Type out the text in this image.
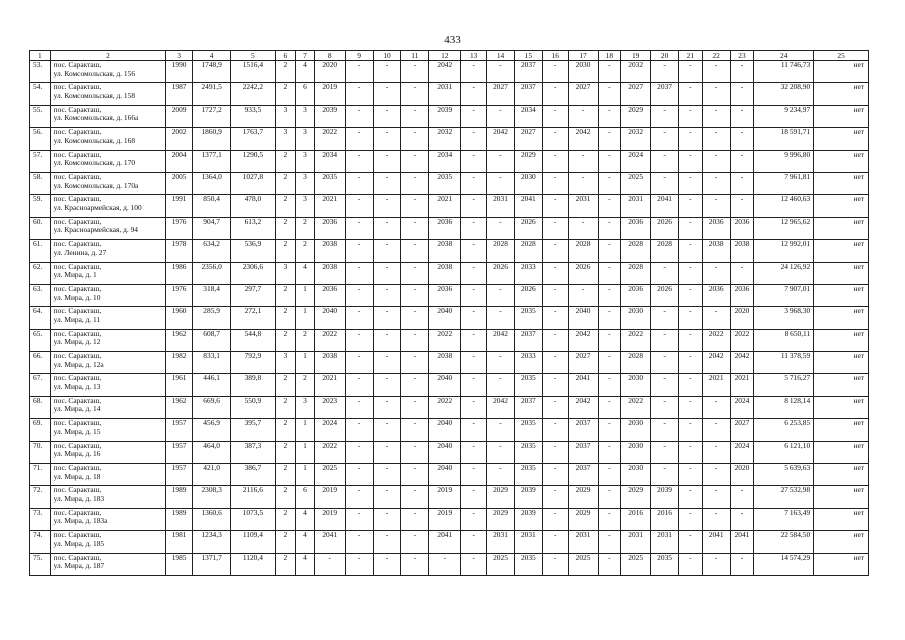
433
1	2	3	4	5	6	7	8	9	10	11	12	13	14	15	16	17	18	19	20	21	22	23	24	25
53.	пос. Саракташ,
ул. Комсомольская, д. 156	1990	1748,9	1516,4	2	4	2020	-	-	-	2042	-	-	2037	-	2030	-	2032	-	-	-	-	11 746,73	нет
54.	пос. Саракташ,
ул. Комсомольская, д. 158	1987	2491,5	2242,2	2	6	2019	-	-	-	2031	-	2027	2037	-	2027	-	2027	2037	-	-	-	32 208,90	нет
55.	пос. Саракташ,
ул. Комсомольская, д. 166а	2009	1727,2	933,5	3	3	2039	-	-	-	2039	-	-	2034	-	-	-	2029	-	-	-	-	9 234,97	нет
56.	пос. Саракташ,
ул. Комсомольская, д. 168	2002	1860,9	1763,7	3	3	2022	-	-	-	2032	-	2042	2027	-	2042	-	2032	-	-	-	-	18 591,71	нет
57.	пос. Саракташ,
ул. Комсомольская, д. 170	2004	1377,1	1290,5	2	3	2034	-	-	-	2034	-	-	2029	-	-	-	2024	-	-	-	-	9 996,80	нет
58.	пос. Саракташ,
ул. Комсомольская, д. 170а	2005	1364,0	1027,8	2	3	2035	-	-	-	2035	-	-	2030	-	-	-	2025	-	-	-	-	7 961,81	нет
59.	пос. Саракташ,
ул. Красноармейская, д. 100	1991	850,4	478,0	2	3	2021	-	-	-	2021	-	2031	2041	-	2031	-	2031	2041	-	-	-	12 460,63	нет
60.	пос. Саракташ,
ул. Красноармейская, д. 94	1976	904,7	613,2	2	2	2036	-	-	-	2036	-	-	2026	-	-	-	2036	2026	-	2036	2036	12 965,62	нет
61.	пос. Саракташ,
ул. Ленина, д. 27	1978	634,2	536,9	2	2	2038	-	-	-	2038	-	2028	2028	-	2028	-	2028	2028	-	2038	2038	12 992,01	нет
62.	пос. Саракташ,
ул. Мира, д. 1	1986	2356,0	2306,6	3	4	2038	-	-	-	2038	-	2026	2033	-	2026	-	2028	-	-	-	-	24 126,92	нет
63.	пос. Саракташ,
ул. Мира, д. 10	1976	318,4	297,7	2	1	2036	-	-	-	2036	-	-	2026	-	-	-	2036	2026	-	2036	2036	7 907,01	нет
64.	пос. Саракташ,
ул. Мира, д. 11	1960	285,9	272,1	2	1	2040	-	-	-	2040	-	-	2035	-	2040	-	2030	-	-	-	2020	3 968,30	нет
65.	пос. Саракташ,
ул. Мира, д. 12	1962	608,7	544,8	2	2	2022	-	-	-	2022	-	2042	2037	-	2042	-	2022	-	-	2022	2022	8 650,11	нет
66.	пос. Саракташ,
ул. Мира, д. 12а	1982	833,1	792,9	3	1	2038	-	-	-	2038	-	-	2033	-	2027	-	2028	-	-	2042	2042	11 378,59	нет
67.	пос. Саракташ,
ул. Мира, д. 13	1961	446,1	389,8	2	2	2021	-	-	-	2040	-	-	2035	-	2041	-	2030	-	-	2021	2021	5 716,27	нет
68.	пос. Саракташ,
ул. Мира, д. 14	1962	669,6	550,9	2	3	2023	-	-	-	2022	-	2042	2037	-	2042	-	2022	-	-	-	2024	8 128,14	нет
69.	пос. Саракташ,
ул. Мира, д. 15	1957	456,9	395,7	2	1	2024	-	-	-	2040	-	-	2035	-	2037	-	2030	-	-	-	2027	6 253,85	нет
70.	пос. Саракташ,
ул. Мира, д. 16	1957	464,0	387,3	2	1	2022	-	-	-	2040	-	-	2035	-	2037	-	2030	-	-	-	2024	6 121,10	нет
71.	пос. Саракташ,
ул. Мира, д. 18	1957	421,0	386,7	2	1	2025	-	-	-	2040	-	-	2035	-	2037	-	2030	-	-	-	2020	5 639,63	нет
72.	пос. Саракташ,
ул. Мира, д. 183	1989	2308,3	2116,6	2	6	2019	-	-	-	2019	-	2029	2039	-	2029	-	2029	2039	-	-	-	27 532,98	нет
73.	пос. Саракташ,
ул. Мира, д. 183а	1989	1360,6	1073,5	2	4	2019	-	-	-	2019	-	2029	2039	-	2029	-	2016	2016	-	-	-	7 163,49	нет
74.	пос. Саракташ,
ул. Мира, д. 185	1981	1234,3	1109,4	2	4	2041	-	-	-	2041	-	2031	2031	-	2031	-	2031	2031	-	2041	2041	22 584,50	нет
75.	пос. Саракташ,
ул. Мира, д. 187	1985	1371,7	1120,4	2	4	-	-	-	-	-	-	2025	2035	-	2025	-	2025	2035	-	-	-	14 574,29	нет
